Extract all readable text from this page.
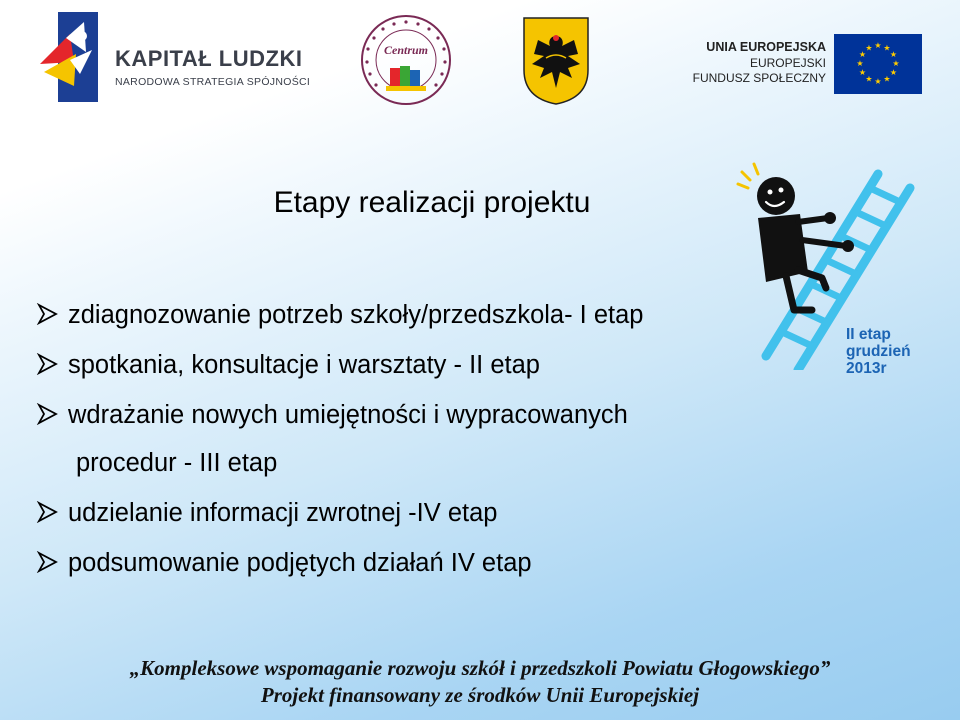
KAPITAŁ LUDZKI
NARODOWA STRATEGIA SPÓJNOŚCI
Centrum	UNIA EUROPEJSKA
EUROPEJSKI
FUNDUSZ SPOŁECZNY
★ ★
★
★
★
★
★
★
★
★
★
★
Etapy realizacji projektu
zdiagnozowanie potrzeb szkoły/przedszkola- I etap
spotkania, konsultacje i warsztaty - II etap
wdrażanie nowych umiejętności i wypracowanych
procedur - III etap
udzielanie informacji zwrotnej -IV etap
podsumowanie podjętych działań IV etap
II etap
grudzień
2013r
„Kompleksowe wspomaganie rozwoju szkół i przedszkoli Powiatu Głogowskiego”
Projekt finansowany ze środków Unii Europejskiej
